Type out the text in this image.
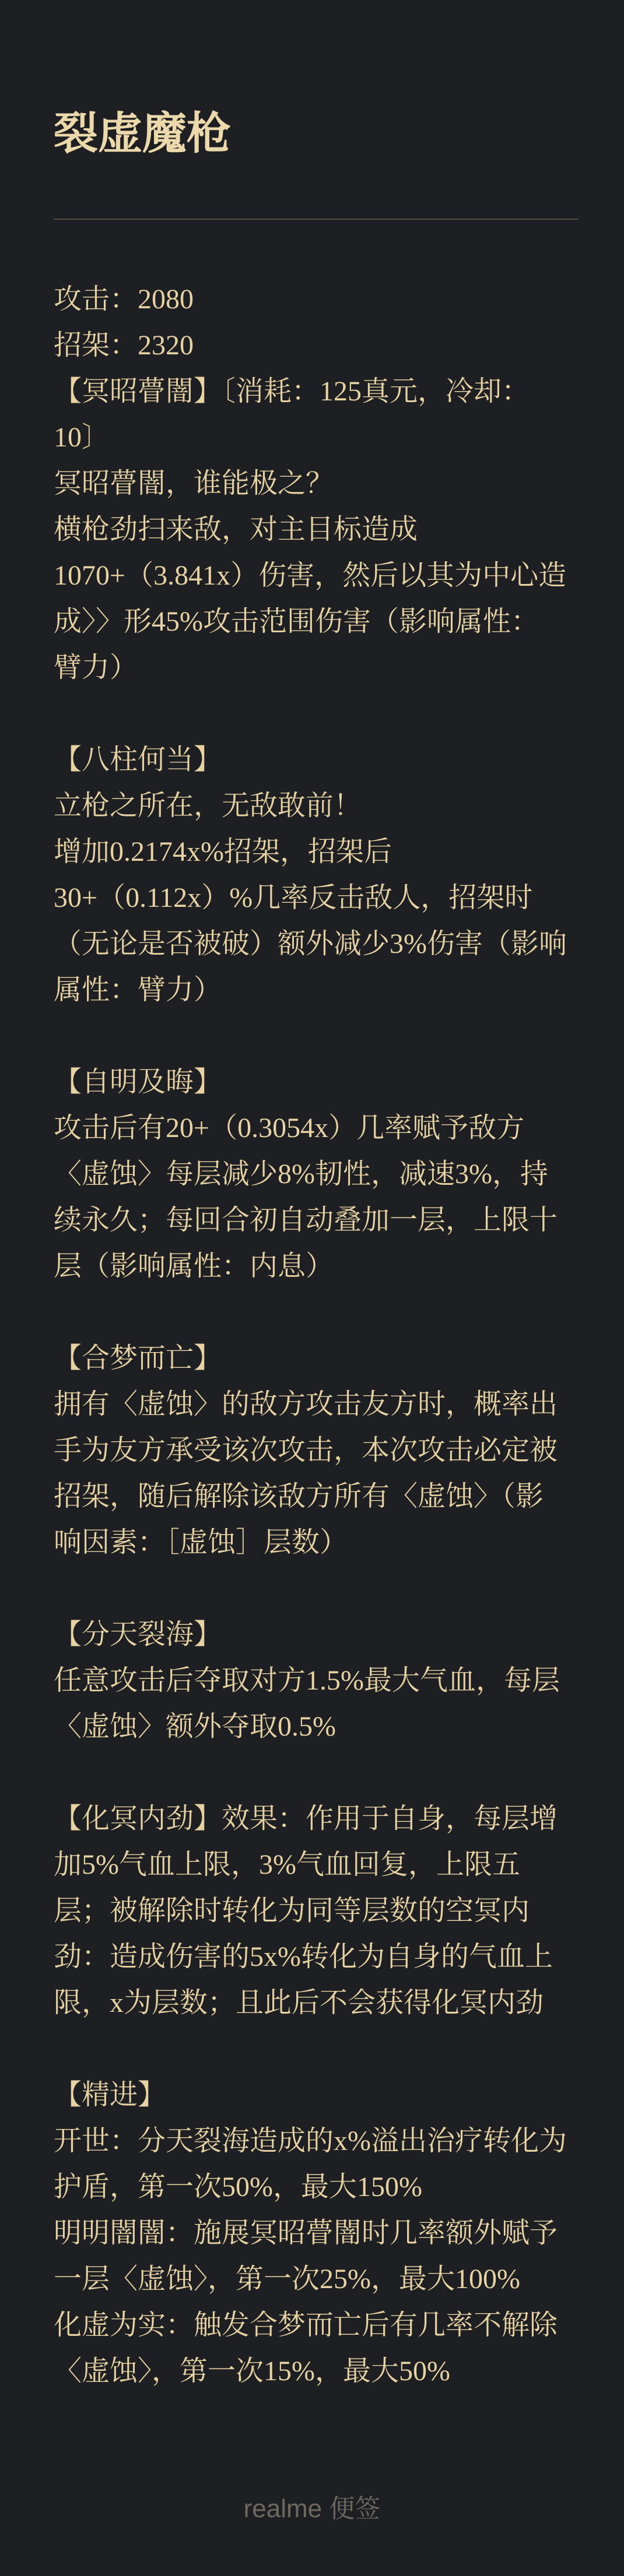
裂虚魔枪
攻击：2080
招架：2320
【冥昭瞢闇】〔消耗：125真元，冷却：
10〕
冥昭瞢闇，谁能极之？
横枪劲扫来敌，对主目标造成
1070+（3.841x）伤害，然后以其为中心造
成〉〉形45%攻击范围伤害（影响属性：
臂力）
【八柱何当】
立枪之所在，无敌敢前！
增加0.2174x%招架，招架后
30+（0.112x）%几率反击敌人，招架时
（无论是否被破）额外减少3%伤害（影响
属性：臂力）
【自明及晦】
攻击后有20+（0.3054x）几率赋予敌方
〈虚蚀〉每层减少8%韧性，减速3%，持
续永久；每回合初自动叠加一层，上限十
层（影响属性：内息）
【合梦而亡】
拥有〈虚蚀〉的敌方攻击友方时，概率出
手为友方承受该次攻击，本次攻击必定被
招架，随后解除该敌方所有〈虚蚀〉（影
响因素：［虚蚀］层数）
【分天裂海】
任意攻击后夺取对方1.5%最大气血，每层
〈虚蚀〉额外夺取0.5%
【化冥内劲】效果：作用于自身，每层增
加5%气血上限，3%气血回复，上限五
层；被解除时转化为同等层数的空冥内
劲：造成伤害的5x%转化为自身的气血上
限，x为层数；且此后不会获得化冥内劲
【精进】
开世：分天裂海造成的x%溢出治疗转化为
护盾，第一次50%，最大150%
明明闇闇：施展冥昭瞢闇时几率额外赋予
一层〈虚蚀〉，第一次25%，最大100%
化虚为实：触发合梦而亡后有几率不解除
〈虚蚀〉，第一次15%，最大50%
realme 便签
